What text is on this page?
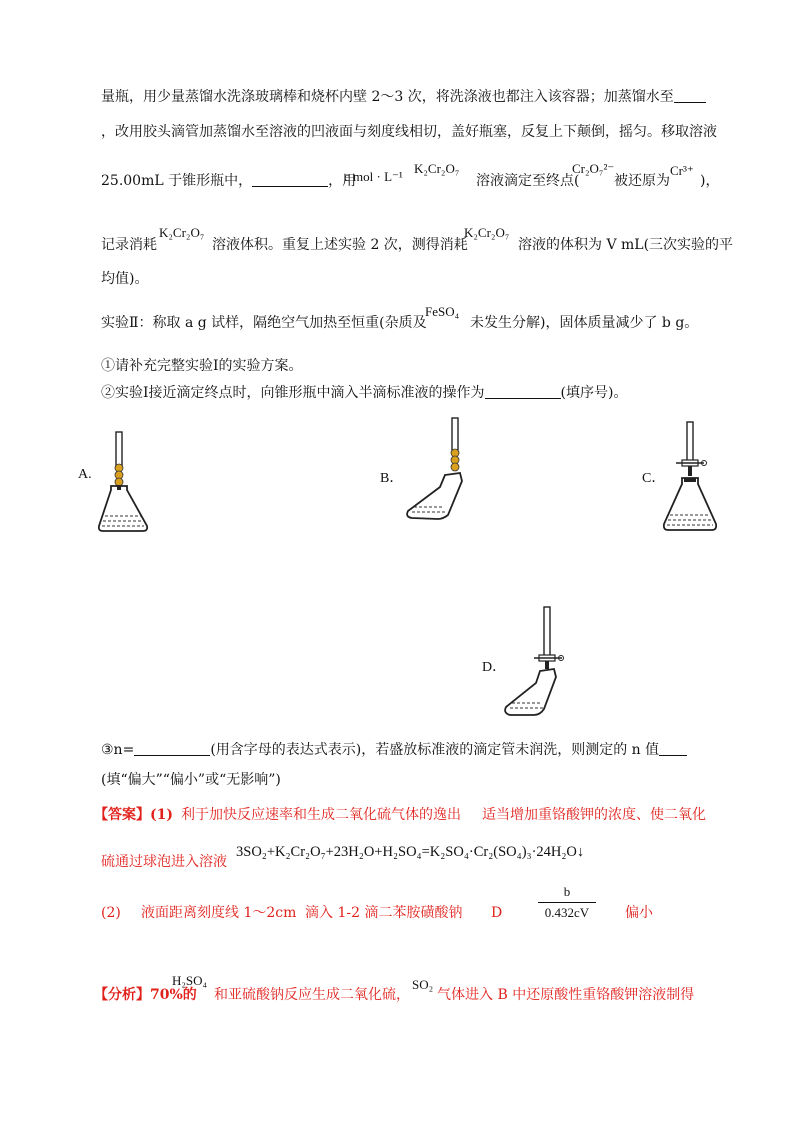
量瓶，用少量蒸馏水洗涤玻璃棒和烧杯内壁 2～3 次，将洗涤液也都注入该容器；加蒸馏水至
，改用胶头滴管加蒸馏水至溶液的凹液面与刻度线相切，盖好瓶塞，反复上下颠倒，摇匀。移取溶液
25.00mL 于锥形瓶中，	，用
c mol · L⁻¹
K₂Cr₂O₇
溶液滴定至终点(
Cr₂O₇²⁻
被还原为
Cr³⁺
)，
记录消耗
K₂Cr₂O₇
溶液体积。重复上述实验 2 次，测得消耗
K₂Cr₂O₇
溶液的体积为 V mL(三次实验的平
均值)。
实验Ⅱ：称取 a g 试样，隔绝空气加热至恒重(杂质及
FeSO₄
未发生分解)，固体质量减少了 b g。
①请补充完整实验Ⅰ的实验方案。
②实验Ⅰ接近滴定终点时，向锥形瓶中滴入半滴标准液的操作为	(填序号)。
A.	B．	C．
D．
③n=	(用含字母的表达式表示)，若盛放标准液的滴定管未润洗，则测定的 n 值
(填“偏大”“偏小”或“无影响”)
【答案】(1) 利于加快反应速率和生成二氧化硫气体的逸出 适当增加重铬酸钾的浓度、使二氧化
硫通过球泡进入溶液
3SO₂+K₂Cr₂O₇+23H₂O+H₂SO₄=K₂SO₄·Cr₂(SO₄)₃·24H₂O↓
(2) 液面距离刻度线 1～2cm 滴入 1-2 滴二苯胺磺酸钠 D
b
0.432cV	偏小
【分析】70%的
H₂SO₄
和亚硫酸钠反应生成二氧化硫，
SO₂
气体进入 B 中还原酸性重铬酸钾溶液制得
